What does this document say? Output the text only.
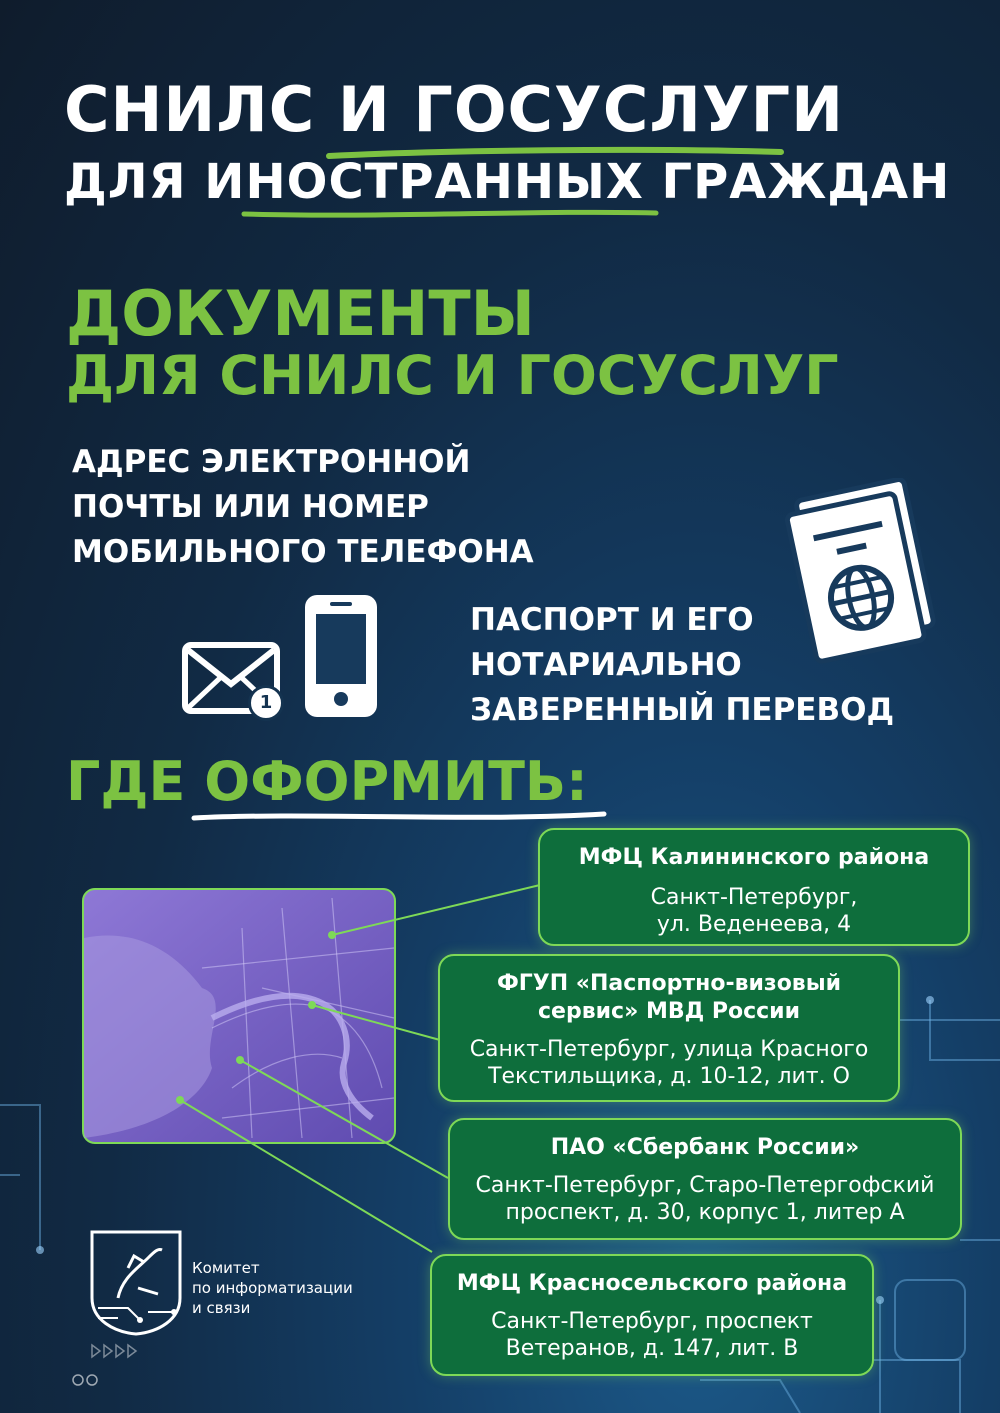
СНИЛС И ГОСУСЛУГИ
ДЛЯ ИНОСТРАННЫХ ГРАЖДАН
ДОКУМЕНТЫ
ДЛЯ СНИЛС И ГОСУСЛУГ
АДРЕС ЭЛЕКТРОННОЙ
ПОЧТЫ ИЛИ НОМЕР
МОБИЛЬНОГО ТЕЛЕФОНА
1
ПАСПОРТ И ЕГО
НОТАРИАЛЬНО
ЗАВЕРЕННЫЙ ПЕРЕВОД
ГДЕ ОФОРМИТЬ:
МФЦ Калининского района
Санкт-Петербург,
ул. Веденеева, 4
ФГУП «Паспортно-визовый
сервис» МВД России
Санкт-Петербург, улица Красного
Текстильщика, д. 10-12, лит. О
ПАО «Сбербанк России»
Санкт-Петербург, Старо-Петергофский
проспект, д. 30, корпус 1, литер А
МФЦ Красносельского района
Санкт-Петербург, проспект
Ветеранов, д. 147, лит. В
Комитет
по информатизации
и связи
